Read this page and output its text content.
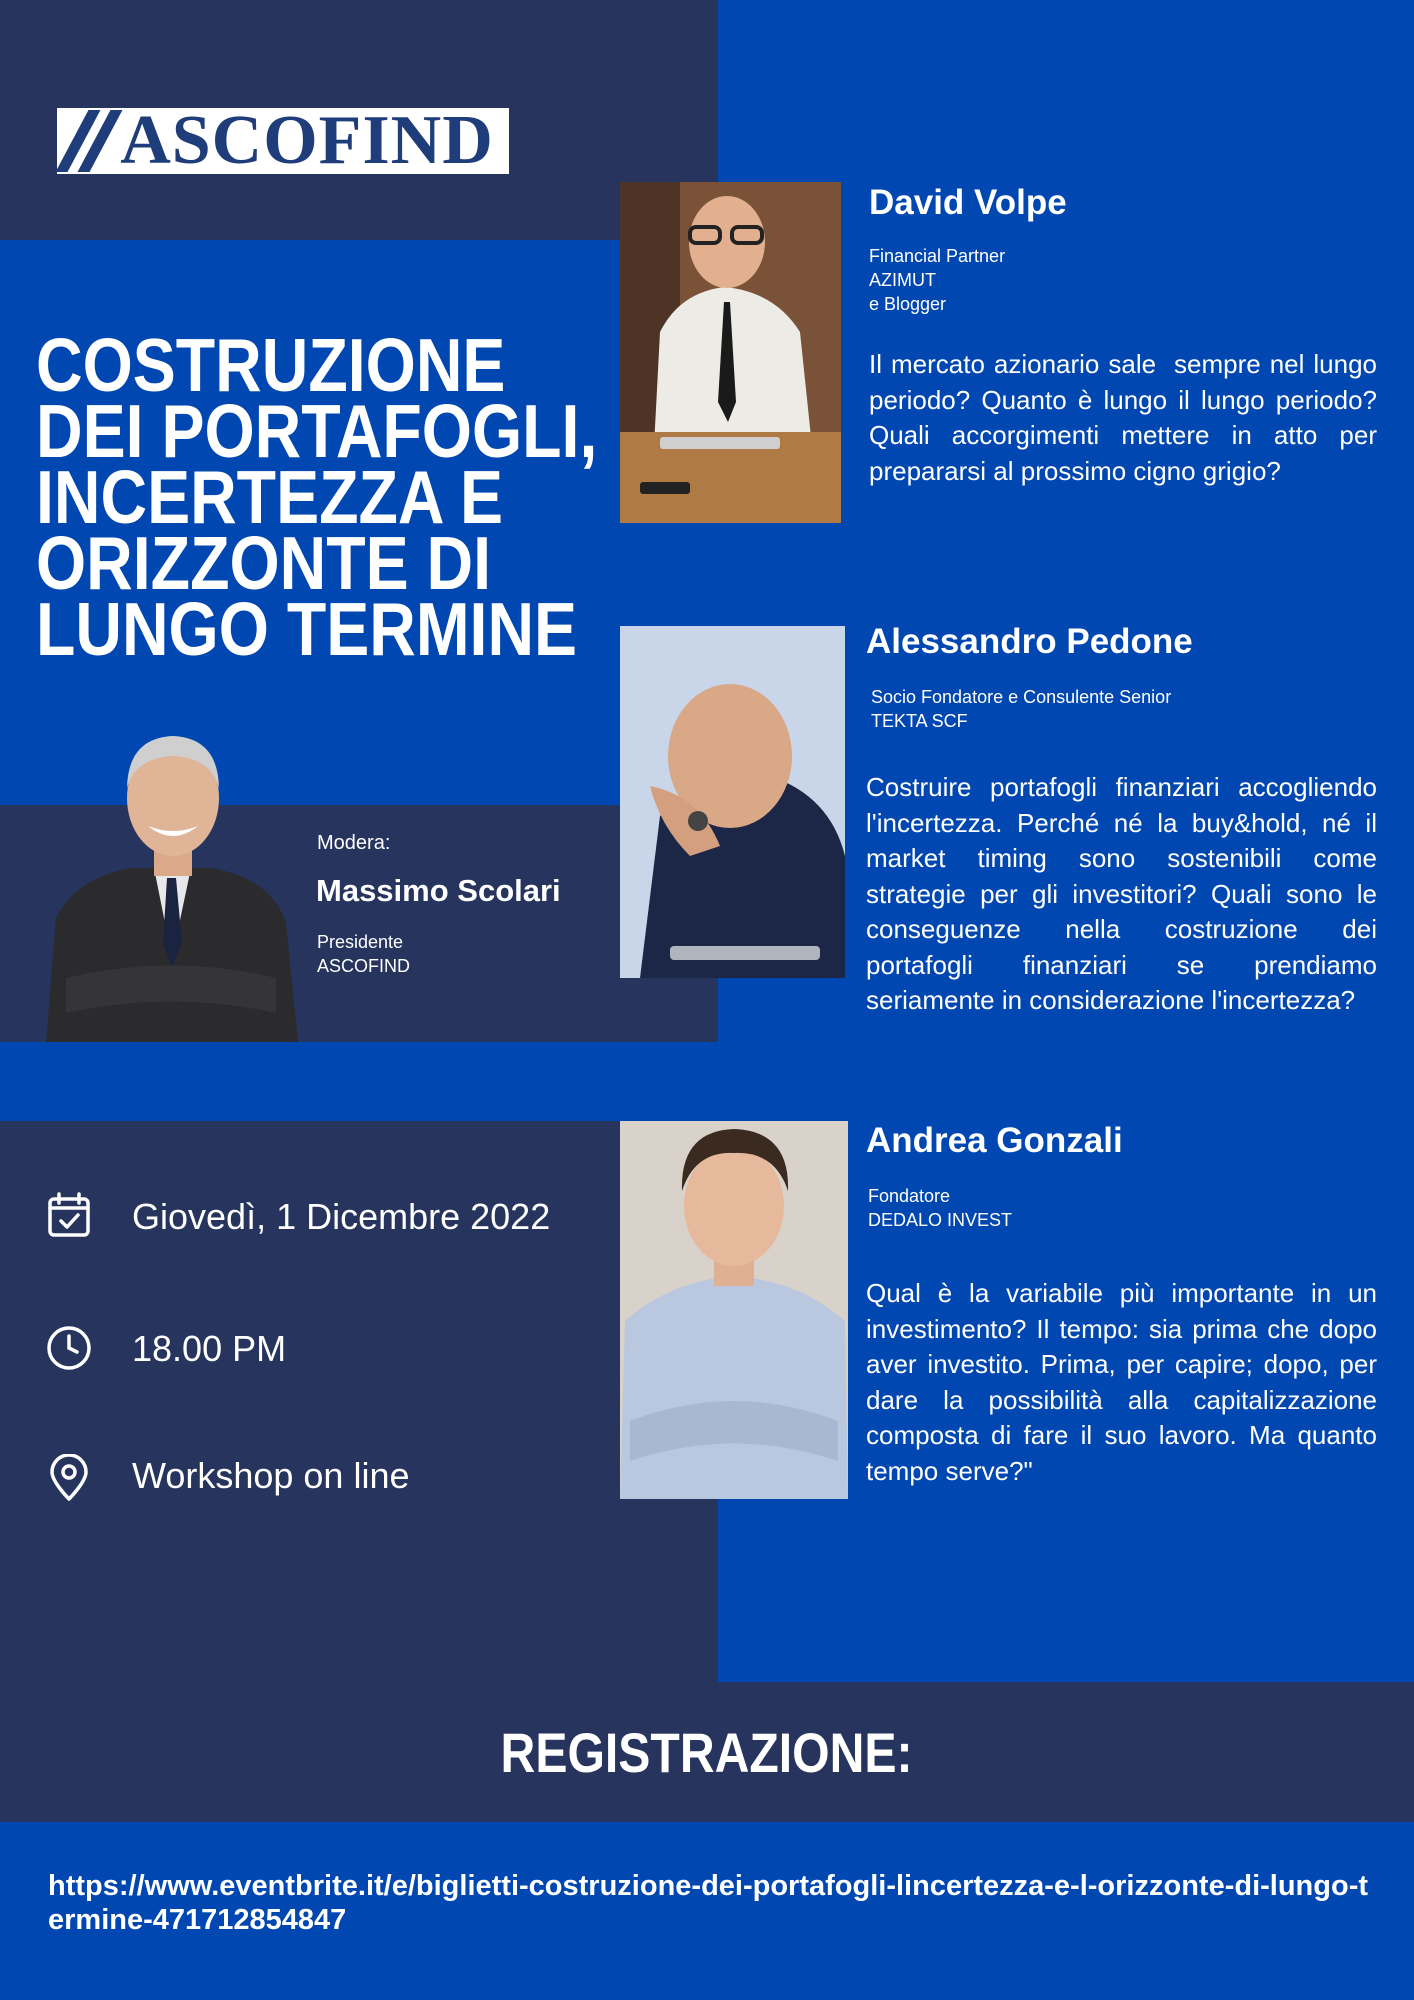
ASCOFIND
COSTRUZIONE
DEI PORTAFOGLI,
INCERTEZZA E
ORIZZONTE DI
LUNGO TERMINE
Modera:
Massimo Scolari
Presidente
ASCOFIND
David Volpe
Financial Partner
AZIMUT
e Blogger
Il mercato azionario sale  sempre nel lungo periodo? Quanto è lungo il lungo periodo? Quali accorgimenti mettere in atto per prepararsi al prossimo cigno grigio?
Alessandro Pedone
Socio Fondatore e Consulente Senior
TEKTA SCF
Costruire portafogli finanziari accogliendo l'incertezza. Perché né la buy&hold, né il market timing sono sostenibili come strategie per gli investitori? Quali sono le conseguenze nella costruzione dei portafogli finanziari se prendiamo seriamente in considerazione l'incertezza?
Andrea Gonzali
Fondatore
DEDALO INVEST
Qual è la variabile più importante in un investimento? Il tempo: sia prima che dopo aver investito. Prima, per capire; dopo, per dare la possibilità alla capitalizzazione composta di fare il suo lavoro. Ma quanto tempo serve?"
Giovedì, 1 Dicembre 2022
18.00 PM
Workshop on line
REGISTRAZIONE:
https://www.eventbrite.it/e/biglietti-costruzione-dei-portafogli-lincertezza-e-l-orizzonte-di-lungo-termine-471712854847
